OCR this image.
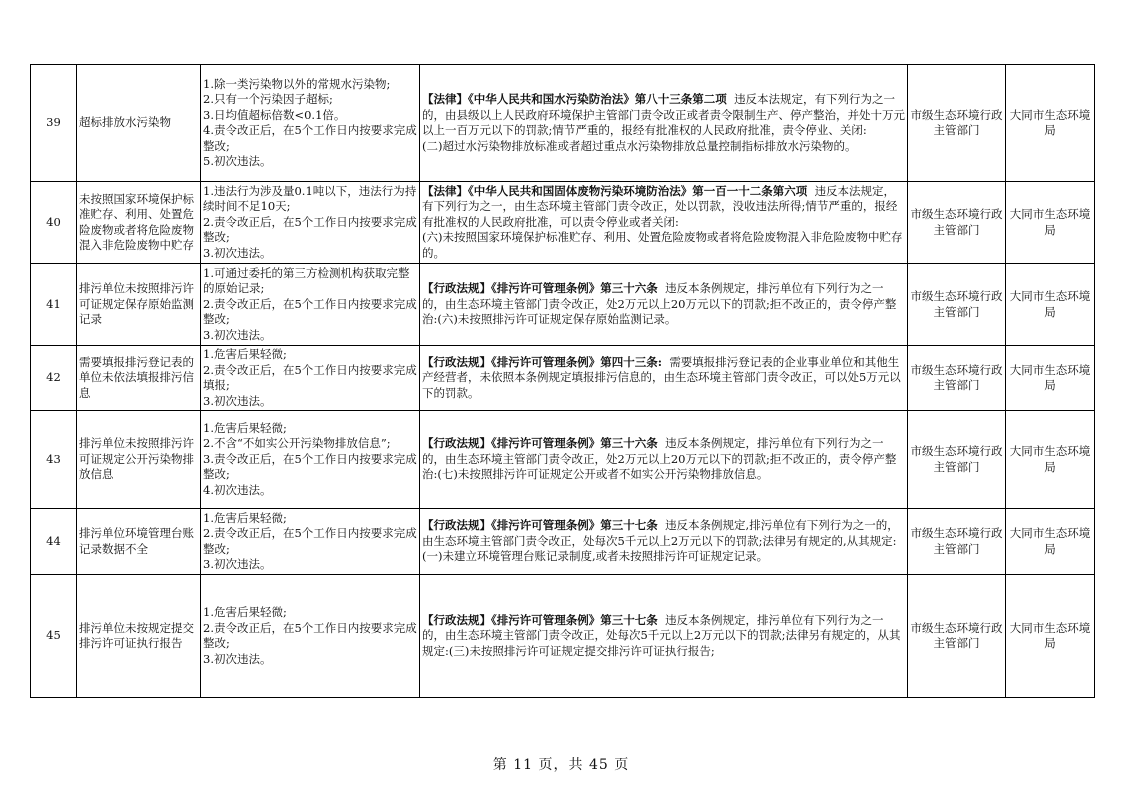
39	超标排放水污染物	1.除一类污染物以外的常规水污染物;
2.只有一个污染因子超标;
3.日均值超标倍数<0.1倍。
4.责令改正后，在5个工作日内按要求完成整改;
5.初次违法。	【法律】《中华人民共和国水污染防治法》第八十三条第二项 违反本法规定，有下列行为之一的，由县级以上人民政府环境保护主管部门责令改正或者责令限制生产、停产整治，并处十万元以上一百万元以下的罚款;情节严重的，报经有批准权的人民政府批准，责令停业、关闭:
(二)超过水污染物排放标准或者超过重点水污染物排放总量控制指标排放水污染物的。	市级生态环境行政主管部门	大同市生态环境局
40	未按照国家环境保护标准贮存、利用、处置危险废物或者将危险废物混入非危险废物中贮存	1.违法行为涉及量0.1吨以下，违法行为持续时间不足10天;
2.责令改正后，在5个工作日内按要求完成整改;
3.初次违法。	【法律】《中华人民共和国固体废物污染环境防治法》第一百一十二条第六项 违反本法规定，有下列行为之一，由生态环境主管部门责令改正，处以罚款，没收违法所得;情节严重的，报经有批准权的人民政府批准，可以责令停业或者关闭:
(六)未按照国家环境保护标准贮存、利用、处置危险废物或者将危险废物混入非危险废物中贮存的。	市级生态环境行政主管部门	大同市生态环境局
41	排污单位未按照排污许可证规定保存原始监测记录	1.可通过委托的第三方检测机构获取完整的原始记录;
2.责令改正后，在5个工作日内按要求完成整改;
3.初次违法。	【行政法规】《排污许可管理条例》第三十六条 违反本条例规定，排污单位有下列行为之一的，由生态环境主管部门责令改正，处2万元以上20万元以下的罚款;拒不改正的，责令停产整治:(六)未按照排污许可证规定保存原始监测记录。	市级生态环境行政主管部门	大同市生态环境局
42	需要填报排污登记表的单位未依法填报排污信息	1.危害后果轻微;
2.责令改正后，在5个工作日内按要求完成填报;
3.初次违法。	【行政法规】《排污许可管理条例》第四十三条: 需要填报排污登记表的企业事业单位和其他生产经营者，未依照本条例规定填报排污信息的，由生态环境主管部门责令改正，可以处5万元以下的罚款。	市级生态环境行政主管部门	大同市生态环境局
43	排污单位未按照排污许可证规定公开污染物排放信息	1.危害后果轻微;
2.不含“不如实公开污染物排放信息”;
3.责令改正后，在5个工作日内按要求完成整改;
4.初次违法。	【行政法规】《排污许可管理条例》第三十六条 违反本条例规定，排污单位有下列行为之一的，由生态环境主管部门责令改正，处2万元以上20万元以下的罚款;拒不改正的，责令停产整治:(七)未按照排污许可证规定公开或者不如实公开污染物排放信息。	市级生态环境行政主管部门	大同市生态环境局
44	排污单位环境管理台账记录数据不全	1.危害后果轻微;
2.责令改正后，在5个工作日内按要求完成整改;
3.初次违法。	【行政法规】《排污许可管理条例》第三十七条 违反本条例规定,排污单位有下列行为之一的，由生态环境主管部门责令改正，处每次5千元以上2万元以下的罚款;法律另有规定的,从其规定:(一)未建立环境管理台账记录制度,或者未按照排污许可证规定记录。	市级生态环境行政主管部门	大同市生态环境局
45	排污单位未按规定提交排污许可证执行报告	1.危害后果轻微;
2.责令改正后，在5个工作日内按要求完成整改;
3.初次违法。	【行政法规】《排污许可管理条例》第三十七条 违反本条例规定，排污单位有下列行为之一的，由生态环境主管部门责令改正，处每次5千元以上2万元以下的罚款;法律另有规定的，从其规定:(三)未按照排污许可证规定提交排污许可证执行报告;	市级生态环境行政主管部门	大同市生态环境局
第 11 页，共 45 页
